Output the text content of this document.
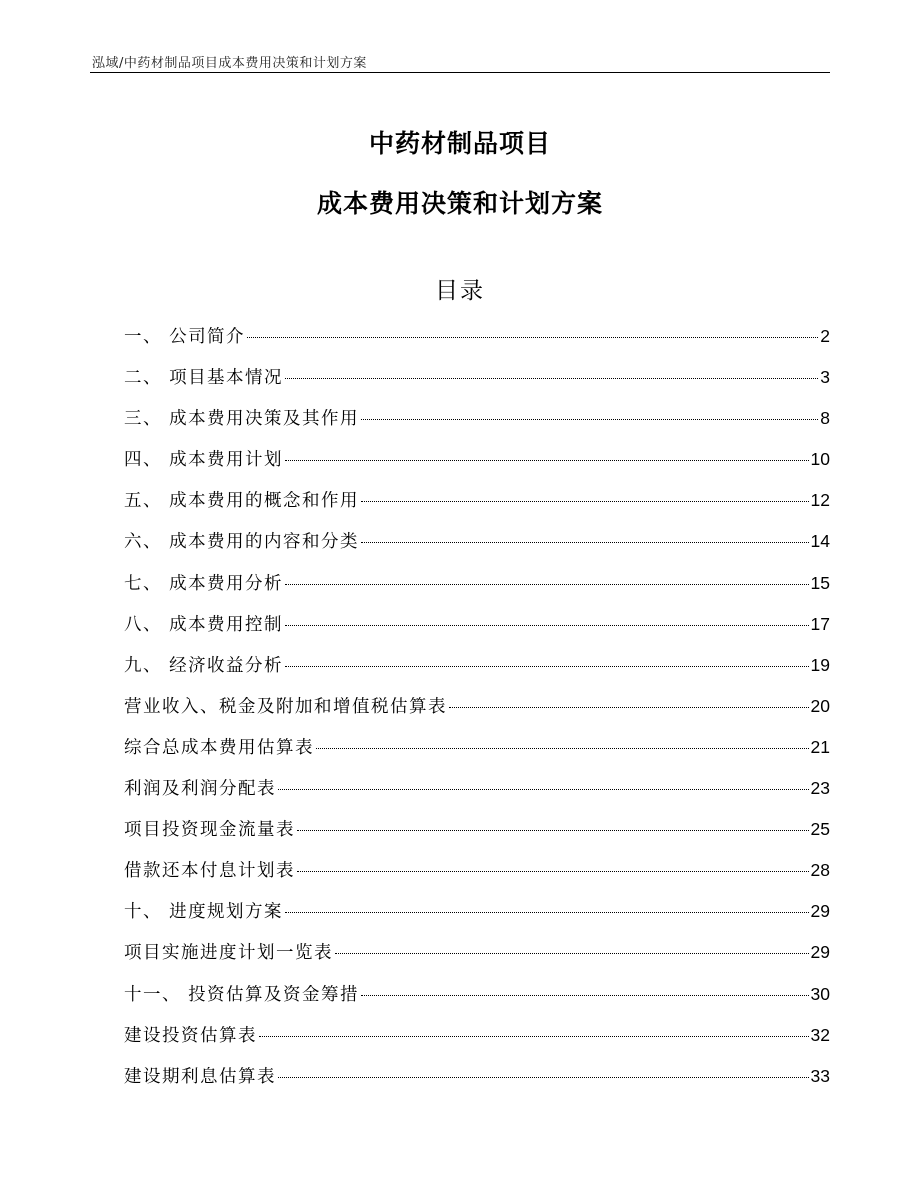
泓域/中药材制品项目成本费用决策和计划方案
中药材制品项目
成本费用决策和计划方案
目录
一、 公司简介	2
二、 项目基本情况	3
三、 成本费用决策及其作用	8
四、 成本费用计划	10
五、 成本费用的概念和作用	12
六、 成本费用的内容和分类	14
七、 成本费用分析	15
八、 成本费用控制	17
九、 经济收益分析	19
营业收入、税金及附加和增值税估算表	20
综合总成本费用估算表	21
利润及利润分配表	23
项目投资现金流量表	25
借款还本付息计划表	28
十、 进度规划方案	29
项目实施进度计划一览表	29
十一、 投资估算及资金筹措	30
建设投资估算表	32
建设期利息估算表	33
